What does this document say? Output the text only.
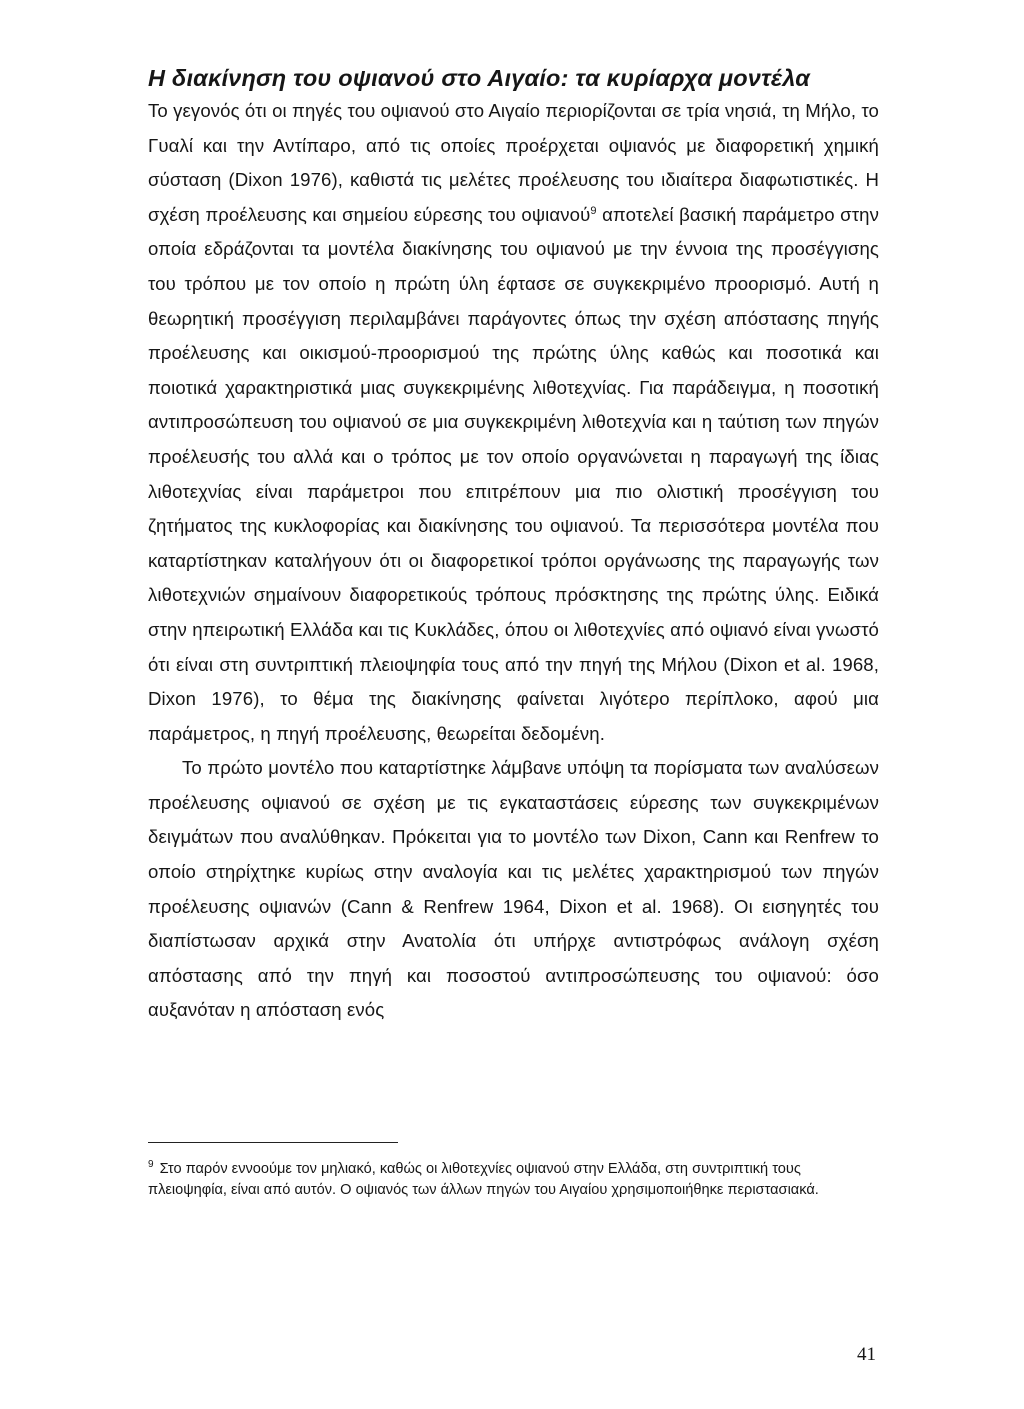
Η διακίνηση του οψιανού στο Αιγαίο: τα κυρίαρχα μοντέλα

Το γεγονός ότι οι πηγές του οψιανού στο Αιγαίο περιορίζονται σε τρία νησιά, τη Μήλο, το Γυαλί και την Αντίπαρο, από τις οποίες προέρχεται οψιανός με διαφορετική χημική σύσταση (Dixon 1976), καθιστά τις μελέτες προέλευσης του ιδιαίτερα διαφωτιστικές. Η σχέση προέλευσης και σημείου εύρεσης του οψιανού$^9$ αποτελεί βασική παράμετρο στην οποία εδράζονται τα μοντέλα διακίνησης του οψιανού με την έννοια της προσέγγισης του τρόπου με τον οποίο η πρώτη ύλη έφτασε σε συγκεκριμένο προορισμό. Αυτή η θεωρητική προσέγγιση περιλαμβάνει παράγοντες όπως την σχέση απόστασης πηγής προέλευσης και οικισμού-προορισμού της πρώτης ύλης καθώς και ποσοτικά και ποιοτικά χαρακτηριστικά μιας συγκεκριμένης λιθοτεχνίας. Για παράδειγμα, η ποσοτική αντιπροσώπευση του οψιανού σε μια συγκεκριμένη λιθοτεχνία και η ταύτιση των πηγών προέλευσής του αλλά και ο τρόπος με τον οποίο οργανώνεται η παραγωγή της ίδιας λιθοτεχνίας είναι παράμετροι που επιτρέπουν μια πιο ολιστική προσέγγιση του ζητήματος της κυκλοφορίας και διακίνησης του οψιανού. Τα περισσότερα μοντέλα που καταρτίστηκαν καταλήγουν ότι οι διαφορετικοί τρόποι οργάνωσης της παραγωγής των λιθοτεχνιών σημαίνουν διαφορετικούς τρόπους πρόσκτησης της πρώτης ύλης. Ειδικά στην ηπειρωτική Ελλάδα και τις Κυκλάδες, όπου οι λιθοτεχνίες από οψιανό είναι γνωστό ότι είναι στη συντριπτική πλειοψηφία τους από την πηγή της Μήλου (Dixon et al. 1968, Dixon 1976), το θέμα της διακίνησης φαίνεται λιγότερο περίπλοκο, αφού μια παράμετρος, η πηγή προέλευσης, θεωρείται δεδομένη.

Το πρώτο μοντέλο που καταρτίστηκε λάμβανε υπόψη τα πορίσματα των αναλύσεων προέλευσης οψιανού σε σχέση με τις εγκαταστάσεις εύρεσης των συγκεκριμένων δειγμάτων που αναλύθηκαν. Πρόκειται για το μοντέλο των Dixon, Cann και Renfrew το οποίο στηρίχτηκε κυρίως στην αναλογία και τις μελέτες χαρακτηρισμού των πηγών προέλευσης οψιανών (Cann & Renfrew 1964, Dixon et al. 1968). Οι εισηγητές του διαπίστωσαν αρχικά στην Ανατολία ότι υπήρχε αντιστρόφως ανάλογη σχέση απόστασης από την πηγή και ποσοστού αντιπροσώπευσης του οψιανού: όσο αυξανόταν η απόσταση ενός

$^9$ Στο παρόν εννοούμε τον μηλιακό, καθώς οι λιθοτεχνίες οψιανού στην Ελλάδα, στη συντριπτική τους πλειοψηφία, είναι από αυτόν. Ο οψιανός των άλλων πηγών του Αιγαίου χρησιμοποιήθηκε περιστασιακά.

41
